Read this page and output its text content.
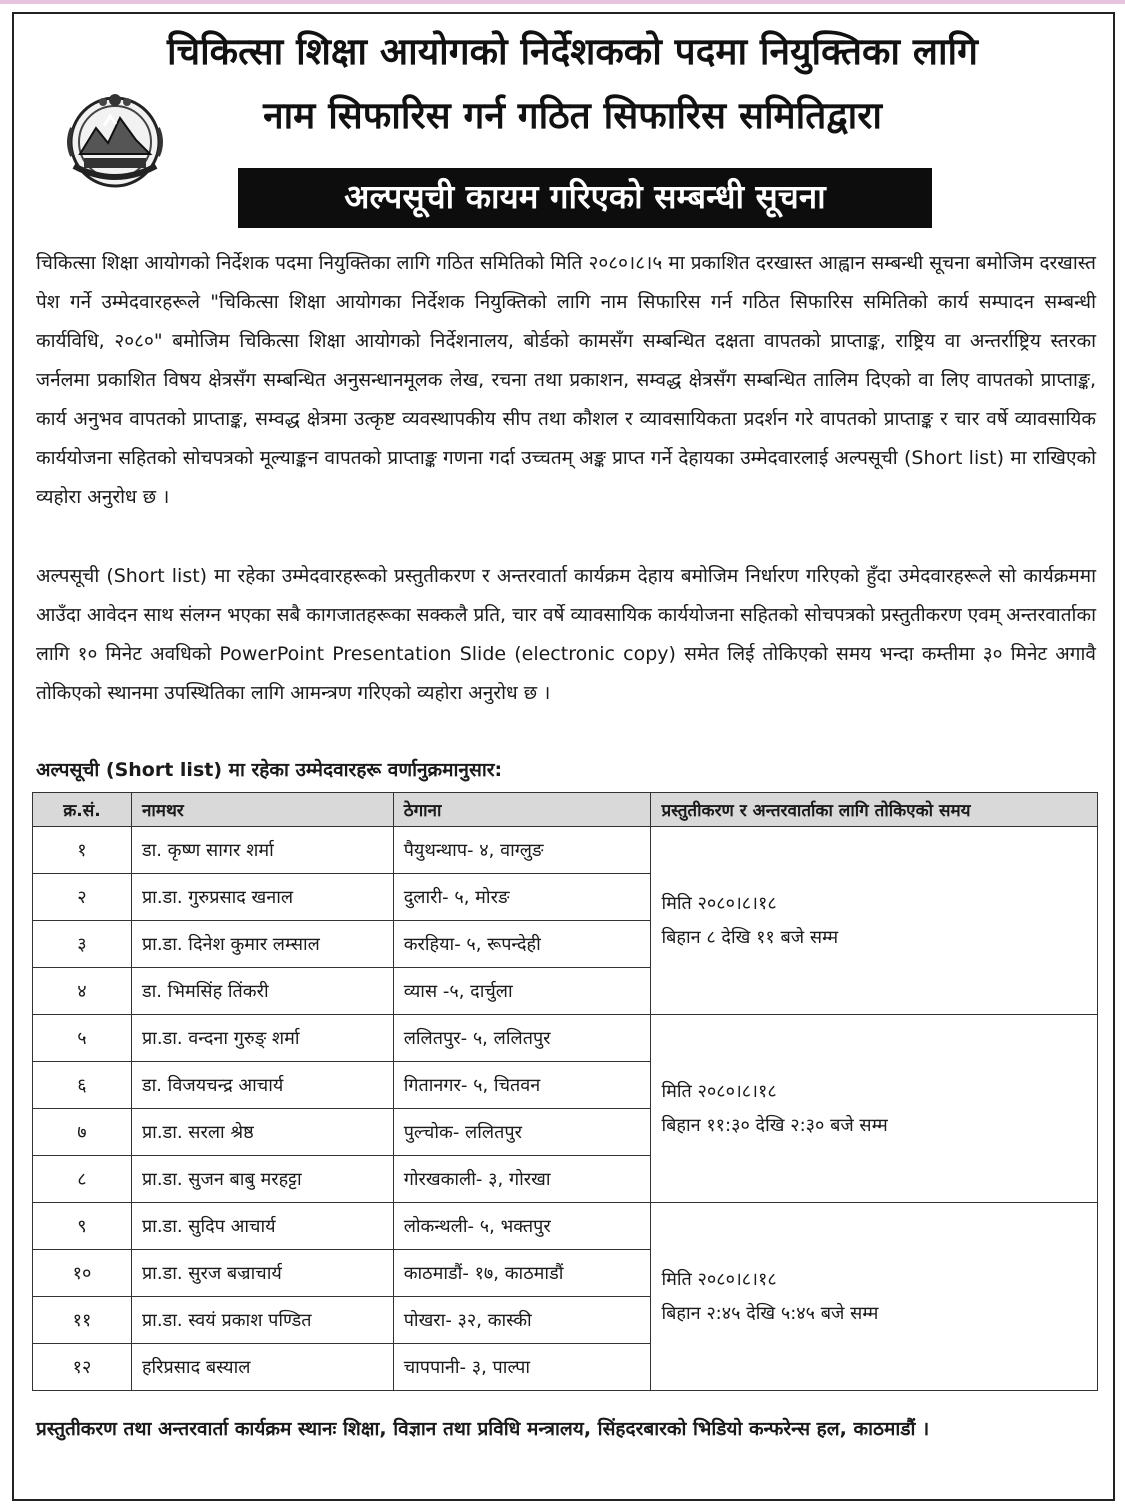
चिकित्सा शिक्षा आयोगको निर्देशकको पदमा नियुक्तिका लागि
नाम सिफारिस गर्न गठित सिफारिस समितिद्वारा
अल्पसूची कायम गरिएको सम्बन्धी सूचना

चिकित्सा शिक्षा आयोगको निर्देशक पदमा नियुक्तिका लागि गठित समितिको मिति २०८०।८।५ मा प्रकाशित दरखास्त आह्वान सम्बन्धी सूचना बमोजिम दरखास्त पेश गर्ने उम्मेदवारहरूले "चिकित्सा शिक्षा आयोगका निर्देशक नियुक्तिको लागि नाम सिफारिस गर्न गठित सिफारिस समितिको कार्य सम्पादन सम्बन्धी कार्यविधि, २०८०" बमोजिम चिकित्सा शिक्षा आयोगको निर्देशनालय, बोर्डको कामसँग सम्बन्धित दक्षता वापतको प्राप्ताङ्क, राष्ट्रिय वा अन्तर्राष्ट्रिय स्तरका जर्नलमा प्रकाशित विषय क्षेत्रसँग सम्बन्धित अनुसन्धानमूलक लेख, रचना तथा प्रकाशन, सम्वद्ध क्षेत्रसँग सम्बन्धित तालिम दिएको वा लिए वापतको प्राप्ताङ्क, कार्य अनुभव वापतको प्राप्ताङ्क, सम्वद्ध क्षेत्रमा उत्कृष्ट व्यवस्थापकीय सीप तथा कौशल र व्यावसायिकता प्रदर्शन गरे वापतको प्राप्ताङ्क र चार वर्षे व्यावसायिक कार्ययोजना सहितको सोचपत्रको मूल्याङ्कन वापतको प्राप्ताङ्क गणना गर्दा उच्चतम् अङ्क प्राप्त गर्ने देहायका उम्मेदवारलाई अल्पसूची (Short list) मा राखिएको व्यहोरा अनुरोध छ ।

अल्पसूची (Short list) मा रहेका उम्मेदवारहरूको प्रस्तुतीकरण र अन्तरवार्ता कार्यक्रम देहाय बमोजिम निर्धारण गरिएको हुँदा उमेदवारहरूले सो कार्यक्रममा आउँदा आवेदन साथ संलग्न भएका सबै कागजातहरूका सक्कलै प्रति, चार वर्षे व्यावसायिक कार्ययोजना सहितको सोचपत्रको प्रस्तुतीकरण एवम् अन्तरवार्ताका लागि १० मिनेट अवधिको PowerPoint Presentation Slide (electronic copy) समेत लिई तोकिएको समय भन्दा कम्तीमा ३० मिनेट अगावै तोकिएको स्थानमा उपस्थितिका लागि आमन्त्रण गरिएको व्यहोरा अनुरोध छ ।

अल्पसूची (Short list) मा रहेका उम्मेदवारहरू वर्णानुक्रमानुसार:
क्र.सं.	नामथर	ठेगाना	प्रस्तुतीकरण र अन्तरवार्ताका लागि तोकिएको समय
१	डा. कृष्ण सागर शर्मा	पैयुथन्थाप- ४, वाग्लुङ	मिति २०८०।८।१८
बिहान ८ देखि ११ बजे सम्म

२	प्रा.डा. गुरुप्रसाद खनाल	दुलारी- ५, मोरङ	
३	प्रा.डा. दिनेश कुमार लम्साल	करहिया- ५, रूपन्देही	
४	डा. भिमसिंह तिंकरी	व्यास -५, दार्चुला	
५	प्रा.डा. वन्दना गुरुङ् शर्मा	ललितपुर- ५, ललितपुर	मिति २०८०।८।१८
बिहान ११:३० देखि २:३० बजे सम्म

६	डा. विजयचन्द्र आचार्य	गितानगर- ५, चितवन	
७	प्रा.डा. सरला श्रेष्ठ	पुल्चोक- ललितपुर	
८	प्रा.डा. सुजन बाबु मरहट्टा	गोरखकाली- ३, गोरखा	
९	प्रा.डा. सुदिप आचार्य	लोकन्थली- ५, भक्तपुर	मिति २०८०।८।१८
बिहान २:४५ देखि ५:४५ बजे सम्म

१०	प्रा.डा. सुरज बज्राचार्य	काठमाडौं- १७, काठमाडौं	
११	प्रा.डा. स्वयं प्रकाश पण्डित	पोखरा- ३२, कास्की	
१२	हरिप्रसाद बस्याल	चापपानी- ३, पाल्पा	

प्रस्तुतीकरण तथा अन्तरवार्ता कार्यक्रम स्थानः शिक्षा, विज्ञान तथा प्रविधि मन्त्रालय, सिंहदरबारको भिडियो कन्फरेन्स हल, काठमाडौं ।
